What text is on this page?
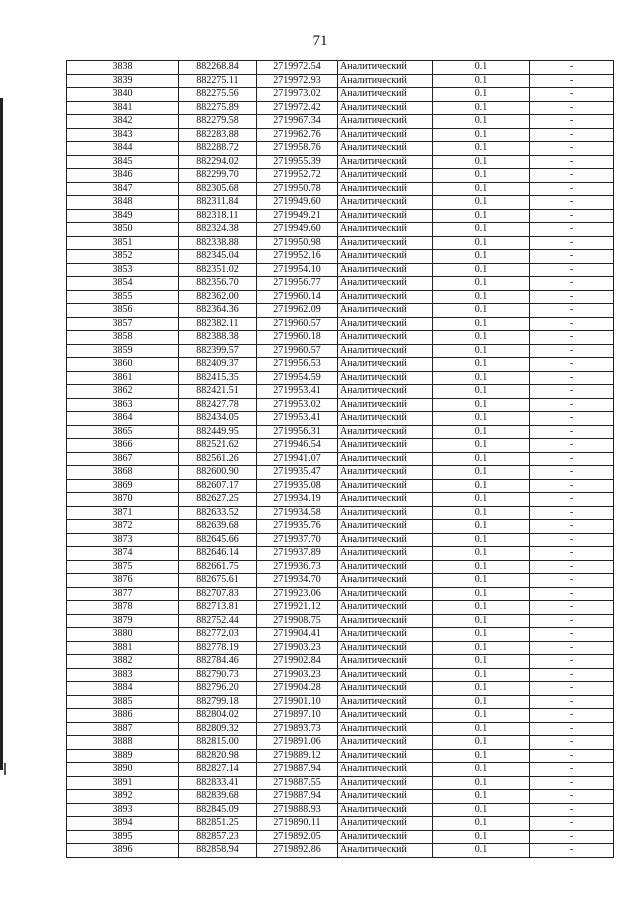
71
3838	882268.84	2719972.54	Аналитический	0.1	-
3839	882275.11	2719972.93	Аналитический	0.1	-
3840	882275.56	2719973.02	Аналитический	0.1	-
3841	882275.89	2719972.42	Аналитический	0.1	-
3842	882279.58	2719967.34	Аналитический	0.1	-
3843	882283.88	2719962.76	Аналитический	0.1	-
3844	882288.72	2719958.76	Аналитический	0.1	-
3845	882294.02	2719955.39	Аналитический	0.1	-
3846	882299.70	2719952.72	Аналитический	0.1	-
3847	882305.68	2719950.78	Аналитический	0.1	-
3848	882311.84	2719949.60	Аналитический	0.1	-
3849	882318.11	2719949.21	Аналитический	0.1	-
3850	882324.38	2719949.60	Аналитический	0.1	-
3851	882338.88	2719950.98	Аналитический	0.1	-
3852	882345.04	2719952.16	Аналитический	0.1	-
3853	882351.02	2719954.10	Аналитический	0.1	-
3854	882356.70	2719956.77	Аналитический	0.1	-
3855	882362.00	2719960.14	Аналитический	0.1	-
3856	882364.36	2719962.09	Аналитический	0.1	-
3857	882382.11	2719960.57	Аналитический	0.1	-
3858	882388.38	2719960.18	Аналитический	0.1	-
3859	882399.57	2719960.57	Аналитический	0.1	-
3860	882409.37	2719956.53	Аналитический	0.1	-
3861	882415.35	2719954.59	Аналитический	0.1	-
3862	882421.51	2719953.41	Аналитический	0.1	-
3863	882427.78	2719953.02	Аналитический	0.1	-
3864	882434.05	2719953.41	Аналитический	0.1	-
3865	882449.95	2719956.31	Аналитический	0.1	-
3866	882521.62	2719946.54	Аналитический	0.1	-
3867	882561.26	2719941.07	Аналитический	0.1	-
3868	882600.90	2719935.47	Аналитический	0.1	-
3869	882607.17	2719935.08	Аналитический	0.1	-
3870	882627.25	2719934.19	Аналитический	0.1	-
3871	882633.52	2719934.58	Аналитический	0.1	-
3872	882639.68	2719935.76	Аналитический	0.1	-
3873	882645.66	2719937.70	Аналитический	0.1	-
3874	882646.14	2719937.89	Аналитический	0.1	-
3875	882661.75	2719936.73	Аналитический	0.1	-
3876	882675.61	2719934.70	Аналитический	0.1	-
3877	882707.83	2719923.06	Аналитический	0.1	-
3878	882713.81	2719921.12	Аналитический	0.1	-
3879	882752.44	2719908.75	Аналитический	0.1	-
3880	882772.03	2719904.41	Аналитический	0.1	-
3881	882778.19	2719903.23	Аналитический	0.1	-
3882	882784.46	2719902.84	Аналитический	0.1	-
3883	882790.73	2719903.23	Аналитический	0.1	-
3884	882796.20	2719904.28	Аналитический	0.1	-
3885	882799.18	2719901.10	Аналитический	0.1	-
3886	882804.02	2719897.10	Аналитический	0.1	-
3887	882809.32	2719893.73	Аналитический	0.1	-
3888	882815.00	2719891.06	Аналитический	0.1	-
3889	882820.98	2719889.12	Аналитический	0.1	-
3890	882827.14	2719887.94	Аналитический	0.1	-
3891	882833.41	2719887.55	Аналитический	0.1	-
3892	882839.68	2719887.94	Аналитический	0.1	-
3893	882845.09	2719888.93	Аналитический	0.1	-
3894	882851.25	2719890.11	Аналитический	0.1	-
3895	882857.23	2719892.05	Аналитический	0.1	-
3896	882858.94	2719892.86	Аналитический	0.1	-
